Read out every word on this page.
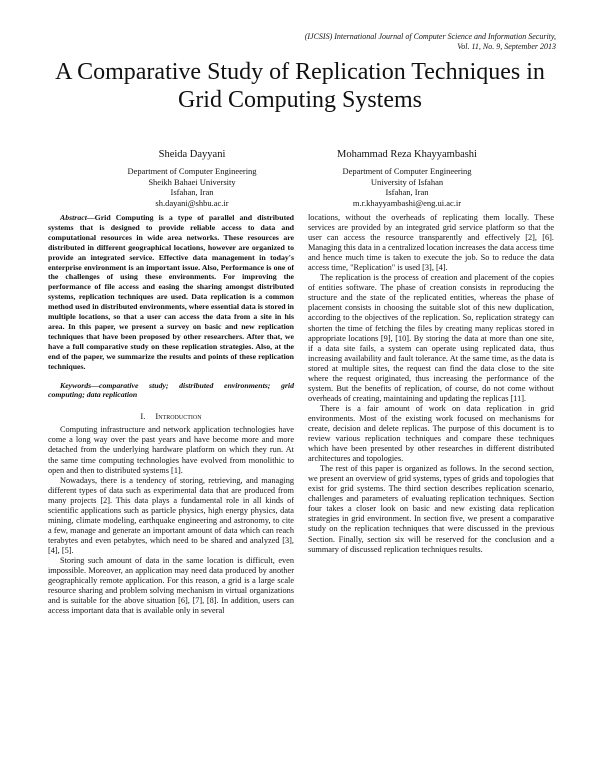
(IJCSIS) International Journal of Computer Science and Information Security,
Vol. 11, No. 9, September 2013
A Comparative Study of Replication Techniques in Grid Computing Systems
Sheida Dayyani
Department of Computer Engineering
Sheikh Bahaei University
Isfahan, Iran
sh.dayani@shbu.ac.ir
Mohammad Reza Khayyambashi
Department of Computer Engineering
University of Isfahan
Isfahan, Iran
m.r.khayyambashi@eng.ui.ac.ir

Abstract—Grid Computing is a type of parallel and distributed systems that is designed to provide reliable access to data and computational resources in wide area networks. These resources are distributed in different geographical locations, however are organized to provide an integrated service. Effective data management in today's enterprise environment is an important issue. Also, Performance is one of the challenges of using these environments. For improving the performance of file access and easing the sharing amongst distributed systems, replication techniques are used. Data replication is a common method used in distributed environments, where essential data is stored in multiple locations, so that a user can access the data from a site in his area. In this paper, we present a survey on basic and new replication techniques that have been proposed by other researchers. After that, we have a full comparative study on these replication strategies. Also, at the end of the paper, we summarize the results and points of these replication techniques.

Keywords—comparative study; distributed environments; grid computing; data replication

I. Introduction

Computing infrastructure and network application technologies have come a long way over the past years and have become more and more detached from the underlying hardware platform on which they run. At the same time computing technologies have evolved from monolithic to open and then to distributed systems [1].

Nowadays, there is a tendency of storing, retrieving, and managing different types of data such as experimental data that are produced from many projects [2]. This data plays a fundamental role in all kinds of scientific applications such as particle physics, high energy physics, data mining, climate modeling, earthquake engineering and astronomy, to cite a few, manage and generate an important amount of data which can reach terabytes and even petabytes, which need to be shared and analyzed [3], [4], [5].

Storing such amount of data in the same location is difficult, even impossible. Moreover, an application may need data produced by another geographically remote application. For this reason, a grid is a large scale resource sharing and problem solving mechanism in virtual organizations and is suitable for the above situation [6], [7], [8]. In addition, users can access important data that is available only in several

locations, without the overheads of replicating them locally. These services are provided by an integrated grid service platform so that the user can access the resource transparently and effectively [2], [6]. Managing this data in a centralized location increases the data access time and hence much time is taken to execute the job. So to reduce the data access time, "Replication" is used [3], [4].

The replication is the process of creation and placement of the copies of entities software. The phase of creation consists in reproducing the structure and the state of the replicated entities, whereas the phase of placement consists in choosing the suitable slot of this new duplication, according to the objectives of the replication. So, replication strategy can shorten the time of fetching the files by creating many replicas stored in appropriate locations [9], [10]. By storing the data at more than one site, if a data site fails, a system can operate using replicated data, thus increasing availability and fault tolerance. At the same time, as the data is stored at multiple sites, the request can find the data close to the site where the request originated, thus increasing the performance of the system. But the benefits of replication, of course, do not come without overheads of creating, maintaining and updating the replicas [11].

There is a fair amount of work on data replication in grid environments. Most of the existing work focused on mechanisms for create, decision and delete replicas. The purpose of this document is to review various replication techniques and compare these techniques which have been presented by other researches in different distributed architectures and topologies.

The rest of this paper is organized as follows. In the second section, we present an overview of grid systems, types of grids and topologies that exist for grid systems. The third section describes replication scenario, challenges and parameters of evaluating replication techniques. Section four takes a closer look on basic and new existing data replication strategies in grid environment. In section five, we present a comparative study on the replication techniques that were discussed in the previous Section. Finally, section six will be reserved for the conclusion and a summary of discussed replication techniques results.
